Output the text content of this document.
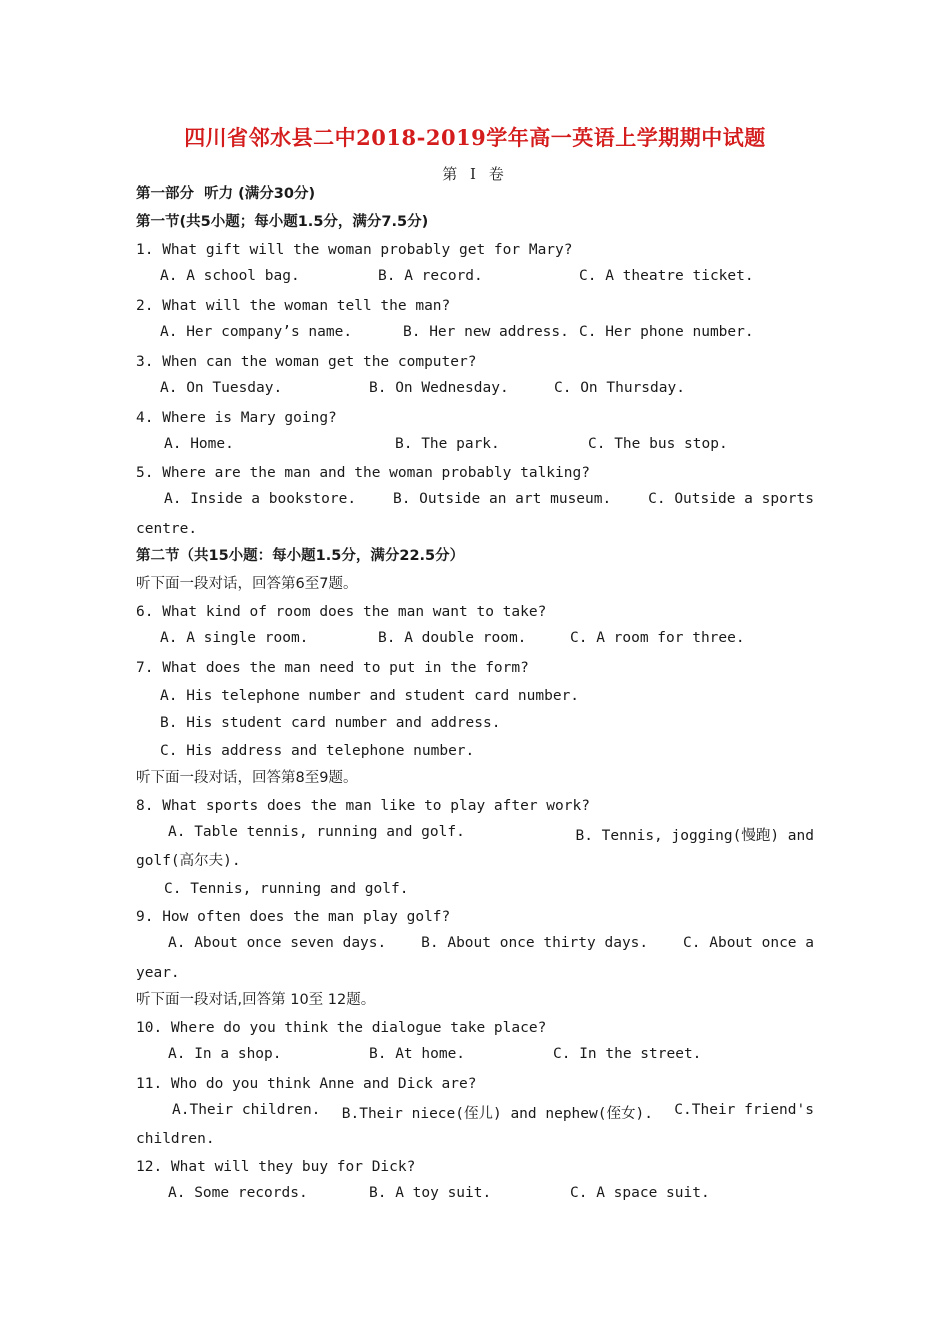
四川省邻水县二中2018-2019学年高一英语上学期期中试题
第 I 卷
第一部分  听力 (满分30分)
第一节(共5小题；每小题1.5分，满分7.5分)
1. What gift will the woman probably get for Mary?
A. A school bag.	B. A record.	C. A theatre ticket.
2. What will the woman tell the man?
A. Her company’s name.	B. Her new address. C. Her phone number.
3. When can the woman get the computer?
A. On Tuesday.	B. On Wednesday.	C. On Thursday.
4. Where is Mary going?
A. Home.	B. The park.	C. The bus stop.
5. Where are the man and the woman probably talking?
A. Inside a bookstore.	B. Outside an art museum.	C. Outside a sports
centre.
第二节（共15小题：每小题1.5分，满分22.5分）
听下面一段对话，回答第6至7题。
6. What kind of room does the man want to take?
A. A single room.	B. A double room.	C. A room for three.
7. What does the man need to put in the form?
A. His telephone number and student card number.
B. His student card number and address.
C. His address and telephone number.
听下面一段对话，回答第8至9题。
8. What sports does the man like to play after work?
A. Table tennis, running and golf.	B. Tennis, jogging(慢跑) and
golf(高尔夫).
C. Tennis, running and golf.
9. How often does the man play golf?
A. About once seven days. B. About once thirty days. C. About once a
year.
听下面一段对话,回答第 10至 12题。
10. Where do you think the dialogue take place?
A. In a shop.	B. At home.	C. In the street.
11. Who do you think Anne and Dick are?
A.Their children. B.Their niece(侄儿) and nephew(侄女). C.Their friend's
children.
12. What will they buy for Dick?
A. Some records.	B. A toy suit.	C. A space suit.
